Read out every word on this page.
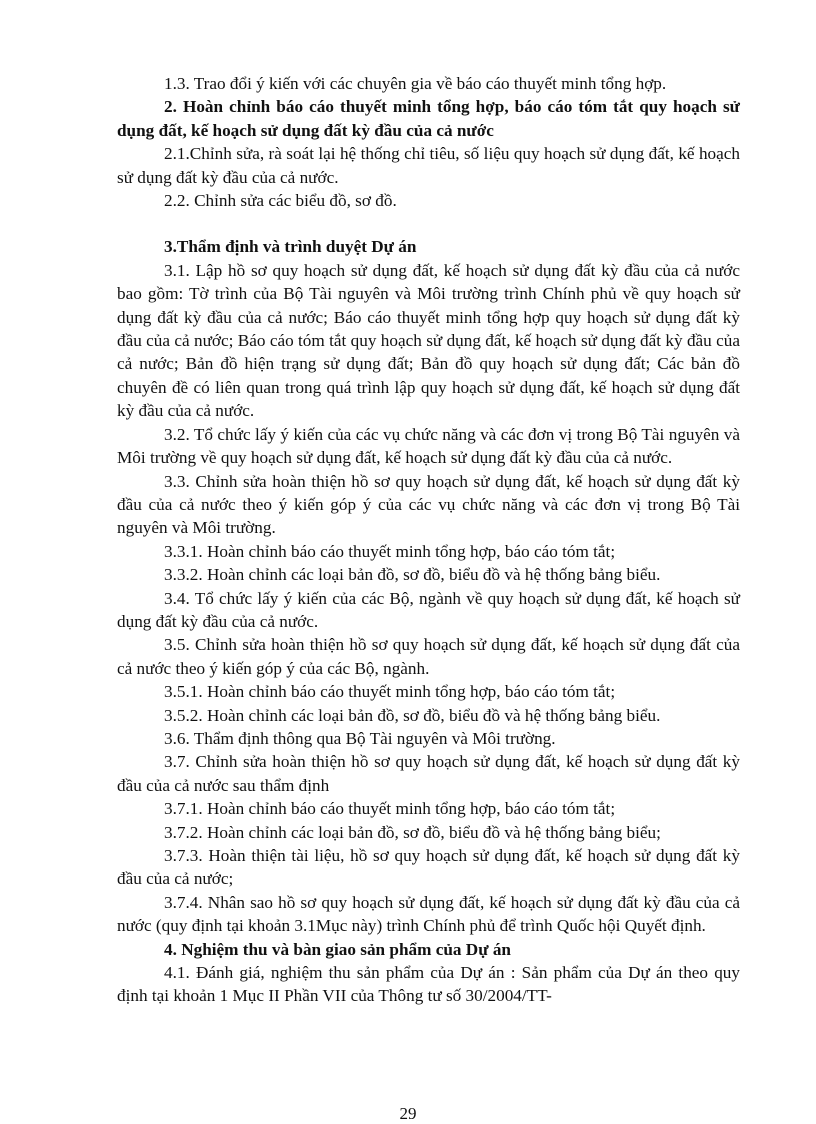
1.3. Trao đổi ý kiến với các chuyên gia về báo cáo thuyết minh tổng hợp.

2. Hoàn chỉnh báo cáo thuyết minh tổng hợp, báo cáo tóm tắt quy hoạch sử dụng đất, kế hoạch sử dụng đất kỳ đầu của cả nước

2.1.Chỉnh sửa, rà soát lại hệ thống chỉ tiêu, số liệu quy hoạch sử dụng đất, kế hoạch sử dụng đất kỳ đầu của cả nước.

2.2. Chỉnh sửa các biểu đồ, sơ đồ.

3.Thẩm định và trình duyệt Dự án

3.1. Lập hồ sơ quy hoạch sử dụng đất, kế hoạch sử dụng đất kỳ đầu của cả nước bao gồm: Tờ trình của Bộ Tài nguyên và Môi trường trình Chính phủ về quy hoạch sử dụng đất kỳ đầu của cả nước; Báo cáo thuyết minh tổng hợp quy hoạch sử dụng đất kỳ đầu của cả nước; Báo cáo tóm tắt quy hoạch sử dụng đất, kế hoạch sử dụng đất kỳ đầu của cả nước; Bản đồ hiện trạng sử dụng đất; Bản đồ quy hoạch sử dụng đất; Các bản đồ chuyên đề có liên quan trong quá trình lập quy hoạch sử dụng đất, kế hoạch sử dụng đất kỳ đầu của cả nước.

3.2. Tổ chức lấy ý kiến của các vụ chức năng và các đơn vị trong Bộ Tài nguyên và Môi trường về quy hoạch sử dụng đất, kế hoạch sử dụng đất kỳ đầu của cả nước.

3.3. Chỉnh sửa hoàn thiện hồ sơ quy hoạch sử dụng đất, kế hoạch sử dụng đất kỳ đầu của cả nước theo ý kiến góp ý của các vụ chức năng và các đơn vị trong Bộ Tài nguyên và Môi trường.

3.3.1. Hoàn chỉnh báo cáo thuyết minh tổng hợp, báo cáo tóm tắt;

3.3.2. Hoàn chỉnh các loại bản đồ, sơ đồ, biểu đồ và hệ thống bảng biểu.

3.4. Tổ chức lấy ý kiến của các Bộ, ngành về quy hoạch sử dụng đất, kế hoạch sử dụng đất kỳ đầu của cả nước.

3.5. Chỉnh sửa hoàn thiện hồ sơ quy hoạch sử dụng đất, kế hoạch sử dụng đất của cả nước theo ý kiến góp ý của các Bộ, ngành.

3.5.1. Hoàn chỉnh báo cáo thuyết minh tổng hợp, báo cáo tóm tắt;

3.5.2. Hoàn chỉnh các loại bản đồ, sơ đồ, biểu đồ và hệ thống bảng biểu.

3.6. Thẩm định thông qua Bộ Tài nguyên và Môi trường.

3.7. Chỉnh sửa hoàn thiện hồ sơ quy hoạch sử dụng đất, kế hoạch sử dụng đất kỳ đầu của cả nước sau thẩm định

3.7.1. Hoàn chỉnh báo cáo thuyết minh tổng hợp, báo cáo tóm tắt;

3.7.2. Hoàn chỉnh các loại bản đồ, sơ đồ, biểu đồ và hệ thống bảng biểu;

3.7.3. Hoàn thiện tài liệu, hồ sơ quy hoạch sử dụng đất, kế hoạch sử dụng đất kỳ đầu của cả nước;

3.7.4. Nhân sao hồ sơ quy hoạch sử dụng đất, kế hoạch sử dụng đất kỳ đầu của cả nước (quy định tại khoản 3.1Mục này) trình Chính phủ để trình Quốc hội Quyết định.

4. Nghiệm thu và bàn giao sản phẩm của Dự án

4.1. Đánh giá, nghiệm thu sản phẩm của Dự án : Sản phẩm của Dự án theo quy định tại khoản 1 Mục II Phần VII của Thông tư số 30/2004/TT-

29
